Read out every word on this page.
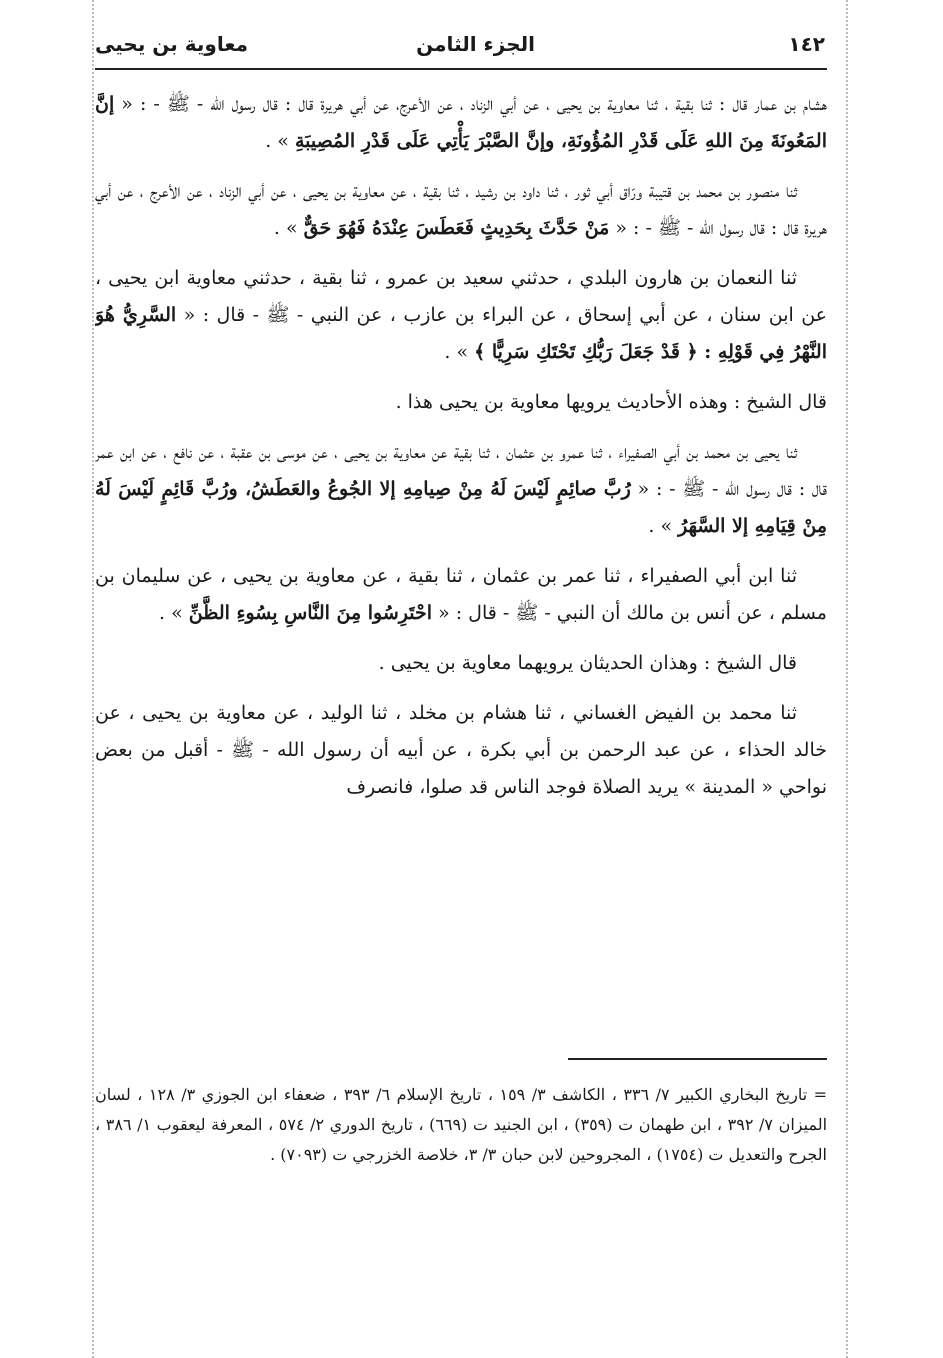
١٤٢
الجزء الثامن
معاوية بن يحيى

هشام بن عمار قال : ثنا بقية ، ثنا معاوية بن يحيى ، عن أبي الزناد ، عن الأعرج، عن أبي هريرة قال : قال رسول الله - ﷺ - : « إنَّ المَعُونَةَ مِنَ اللهِ عَلَى قَدْرِ المُؤُونَةِ، وإنَّ الصَّبْرَ يَأْتِي عَلَى قَدْرِ المُصِيبَةِ » .

ثنا منصور بن محمد بن قتيبة ورّاق أبي ثور ، ثنا داود بن رشيد ، ثنا بقية ، عن معاوية بن يحيى ، عن أبي الزناد ، عن الأعرج ، عن أبي هريرة قال : قال رسول الله - ﷺ - : « مَنْ حَدَّثَ بِحَدِيثٍ فَعَطَسَ عِنْدَهُ فَهُوَ حَقٌّ » .

ثنا النعمان بن هارون البلدي ، حدثني سعيد بن عمرو ، ثنا بقية ، حدثني معاوية ابن يحيى ، عن ابن سنان ، عن أبي إسحاق ، عن البراء بن عازب ، عن النبي - ﷺ - قال : « السَّرِيُّ هُوَ النَّهْرُ فِي قَوْلِهِ : ﴿ قَدْ جَعَلَ رَبُّكِ تَحْتَكِ سَرِيًّا ﴾ » .

قال الشيخ : وهذه الأحاديث يرويها معاوية بن يحيى هذا .

ثنا يحيى بن محمد بن أبي الصفيراء ، ثنا عمرو بن عثمان ، ثنا بقية عن معاوية بن يحيى ، عن موسى بن عقبة ، عن نافع ، عن ابن عمر قال : قال رسول الله - ﷺ - : « رُبَّ صائِمٍ لَيْسَ لَهُ مِنْ صِيامِهِ إلا الجُوعُ والعَطَشُ، ورُبَّ قَائِمٍ لَيْسَ لَهُ مِنْ قِيَامِهِ إلا السَّهَرُ » .

ثنا ابن أبي الصفيراء ، ثنا عمر بن عثمان ، ثنا بقية ، عن معاوية بن يحيى ، عن سليمان بن مسلم ، عن أنس بن مالك أن النبي - ﷺ - قال : « احْتَرِسُوا مِنَ النَّاسِ بِسُوءِ الظَّنِّ » .

قال الشيخ : وهذان الحديثان يرويهما معاوية بن يحيى .

ثنا محمد بن الفيض الغساني ، ثنا هشام بن مخلد ، ثنا الوليد ، عن معاوية بن يحيى ، عن خالد الحذاء ، عن عبد الرحمن بن أبي بكرة ، عن أبيه أن رسول الله - ﷺ - أقبل من بعض نواحي « المدينة » يريد الصلاة فوجد الناس قد صلوا، فانصرف

= تاريخ البخاري الكبير ٧/ ٣٣٦ ، الكاشف ٣/ ١٥٩ ، تاريخ الإسلام ٦/ ٣٩٣ ، ضعفاء ابن الجوزي ٣/ ١٢٨ ، لسان الميزان ٧/ ٣٩٢ ، ابن طهمان ت (٣٥٩) ، ابن الجنيد ت (٦٦٩) ، تاريخ الدوري ٢/ ٥٧٤ ، المعرفة ليعقوب ١/ ٣٨٦ ، الجرح والتعديل ت (١٧٥٤) ، المجروحين لابن حبان ٣/ ٣، خلاصة الخزرجي ت (٧٠٩٣) .
